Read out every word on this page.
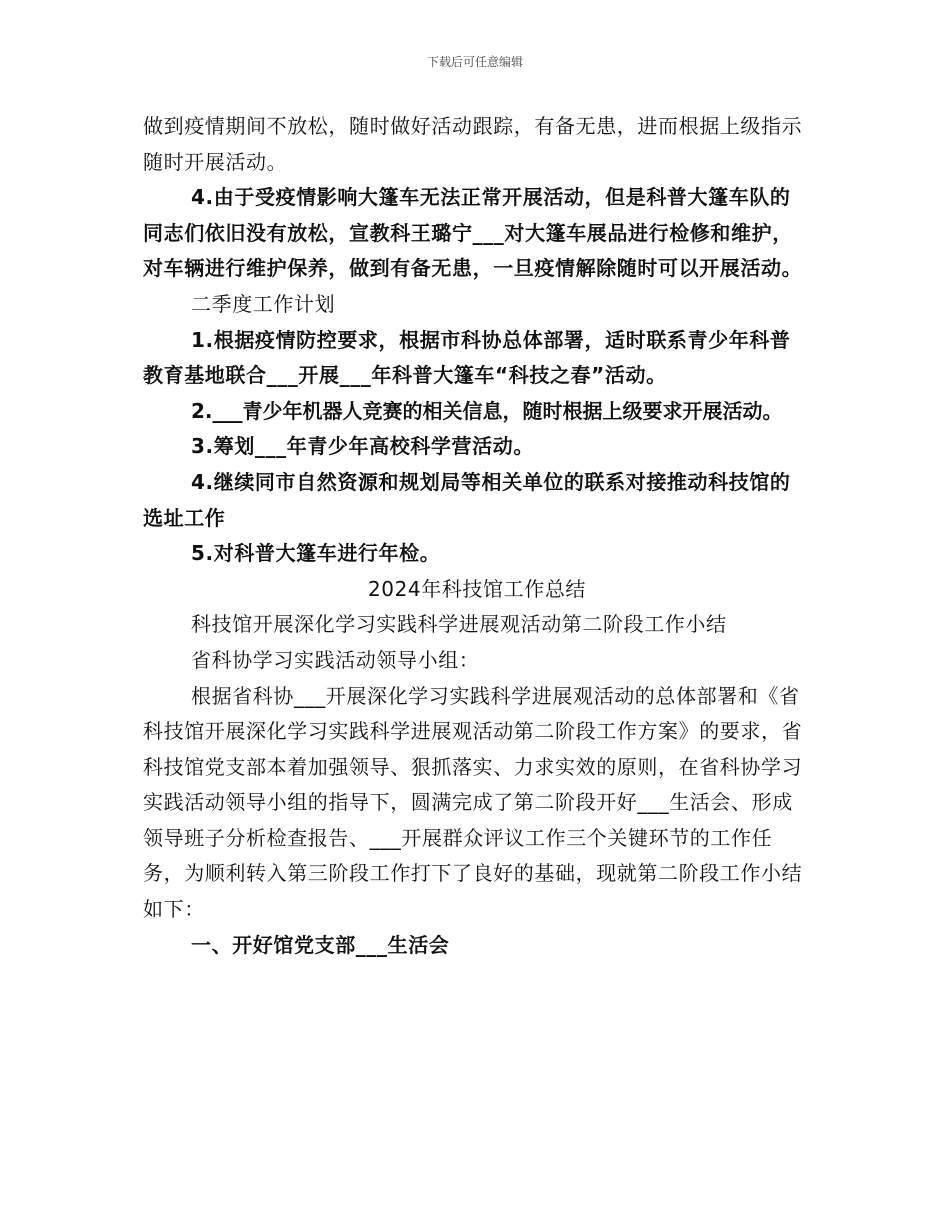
下载后可任意编辑

做到疫情期间不放松，随时做好活动跟踪，有备无患，进而根据上级指示随时开展活动。

4.由于受疫情影响大篷车无法正常开展活动，但是科普大篷车队的同志们依旧没有放松，宣教科王璐宁___对大篷车展品进行检修和维护，对车辆进行维护保养，做到有备无患，一旦疫情解除随时可以开展活动。

二季度工作计划

1.根据疫情防控要求，根据市科协总体部署，适时联系青少年科普教育基地联合___开展___年科普大篷车“科技之春”活动。

2.___青少年机器人竞赛的相关信息，随时根据上级要求开展活动。

3.筹划___年青少年高校科学营活动。

4.继续同市自然资源和规划局等相关单位的联系对接推动科技馆的选址工作

5.对科普大篷车进行年检。

2024年科技馆工作总结

科技馆开展深化学习实践科学进展观活动第二阶段工作小结

省科协学习实践活动领导小组：

根据省科协___开展深化学习实践科学进展观活动的总体部署和《省科技馆开展深化学习实践科学进展观活动第二阶段工作方案》的要求，省科技馆党支部本着加强领导、狠抓落实、力求实效的原则，在省科协学习实践活动领导小组的指导下，圆满完成了第二阶段开好___生活会、形成领导班子分析检查报告、___开展群众评议工作三个关键环节的工作任务，为顺利转入第三阶段工作打下了良好的基础，现就第二阶段工作小结如下：

一、开好馆党支部___生活会
